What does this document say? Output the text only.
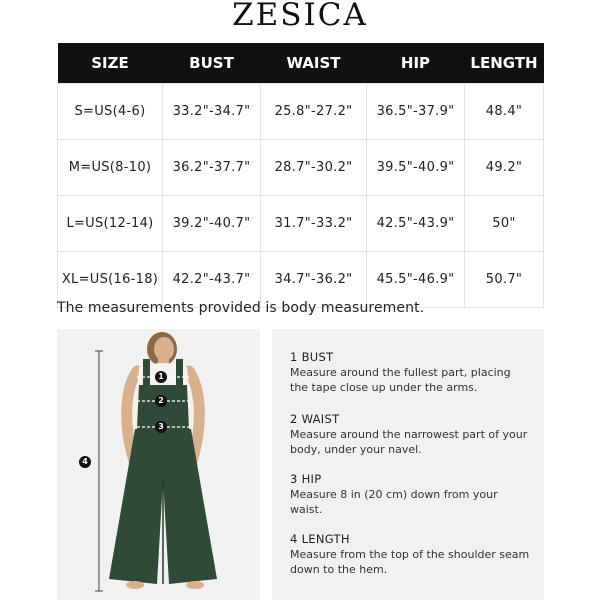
ZESICA
SIZE	BUST	WAIST	HIP	LENGTH
S=US(4-6)	33.2"-34.7"	25.8"-27.2"	36.5"-37.9"	48.4"
M=US(8-10)	36.2"-37.7"	28.7"-30.2"	39.5"-40.9"	49.2"
L=US(12-14)	39.2"-40.7"	31.7"-33.2"	42.5"-43.9"	50"
XL=US(16-18)	42.2"-43.7"	34.7"-36.2"	45.5"-46.9"	50.7"
The measurements provided is body measurement.
1
2
3
4
1 BUST
Measure around the fullest part, placing the tape close up under the arms.
2 WAIST
Measure around the narrowest part of your body, under your navel.
3 HIP
Measure 8 in (20 cm) down from your waist.
4 LENGTH
Measure from the top of the shoulder seam down to the hem.
